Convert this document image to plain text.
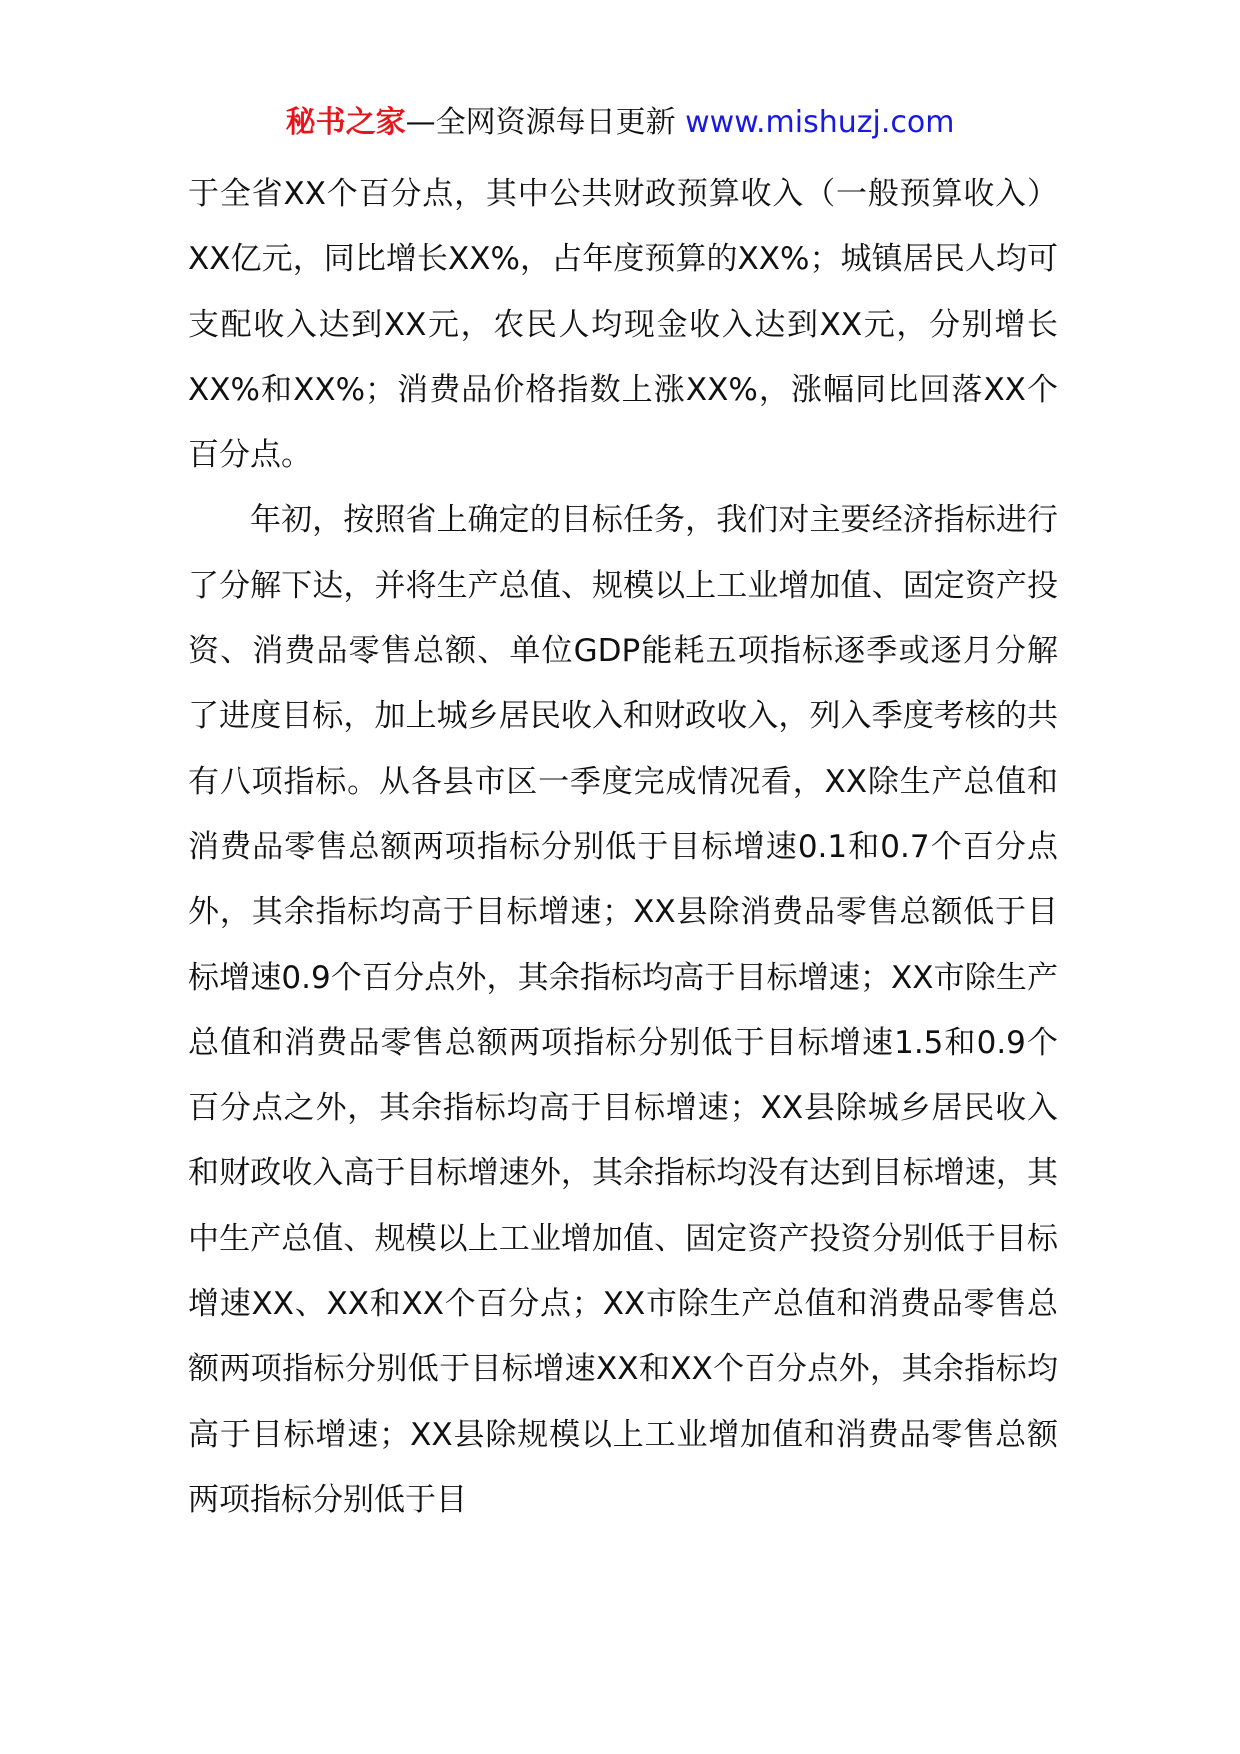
秘书之家—全网资源每日更新 www.mishuzj.com

于全省XX个百分点，其中公共财政预算收入（一般预算收入）XX亿元，同比增长XX%，占年度预算的XX%；城镇居民人均可支配收入达到XX元，农民人均现金收入达到XX元，分别增长XX%和XX%；消费品价格指数上涨XX%，涨幅同比回落XX个百分点。

年初，按照省上确定的目标任务，我们对主要经济指标进行了分解下达，并将生产总值、规模以上工业增加值、固定资产投资、消费品零售总额、单位GDP能耗五项指标逐季或逐月分解了进度目标，加上城乡居民收入和财政收入，列入季度考核的共有八项指标。从各县市区一季度完成情况看，XX除生产总值和消费品零售总额两项指标分别低于目标增速0.1和0.7个百分点外，其余指标均高于目标增速；XX县除消费品零售总额低于目标增速0.9个百分点外，其余指标均高于目标增速；XX市除生产总值和消费品零售总额两项指标分别低于目标增速1.5和0.9个百分点之外，其余指标均高于目标增速；XX县除城乡居民收入和财政收入高于目标增速外，其余指标均没有达到目标增速，其中生产总值、规模以上工业增加值、固定资产投资分别低于目标增速XX、XX和XX个百分点；XX市除生产总值和消费品零售总额两项指标分别低于目标增速XX和XX个百分点外，其余指标均高于目标增速；XX县除规模以上工业增加值和消费品零售总额两项指标分别低于目
